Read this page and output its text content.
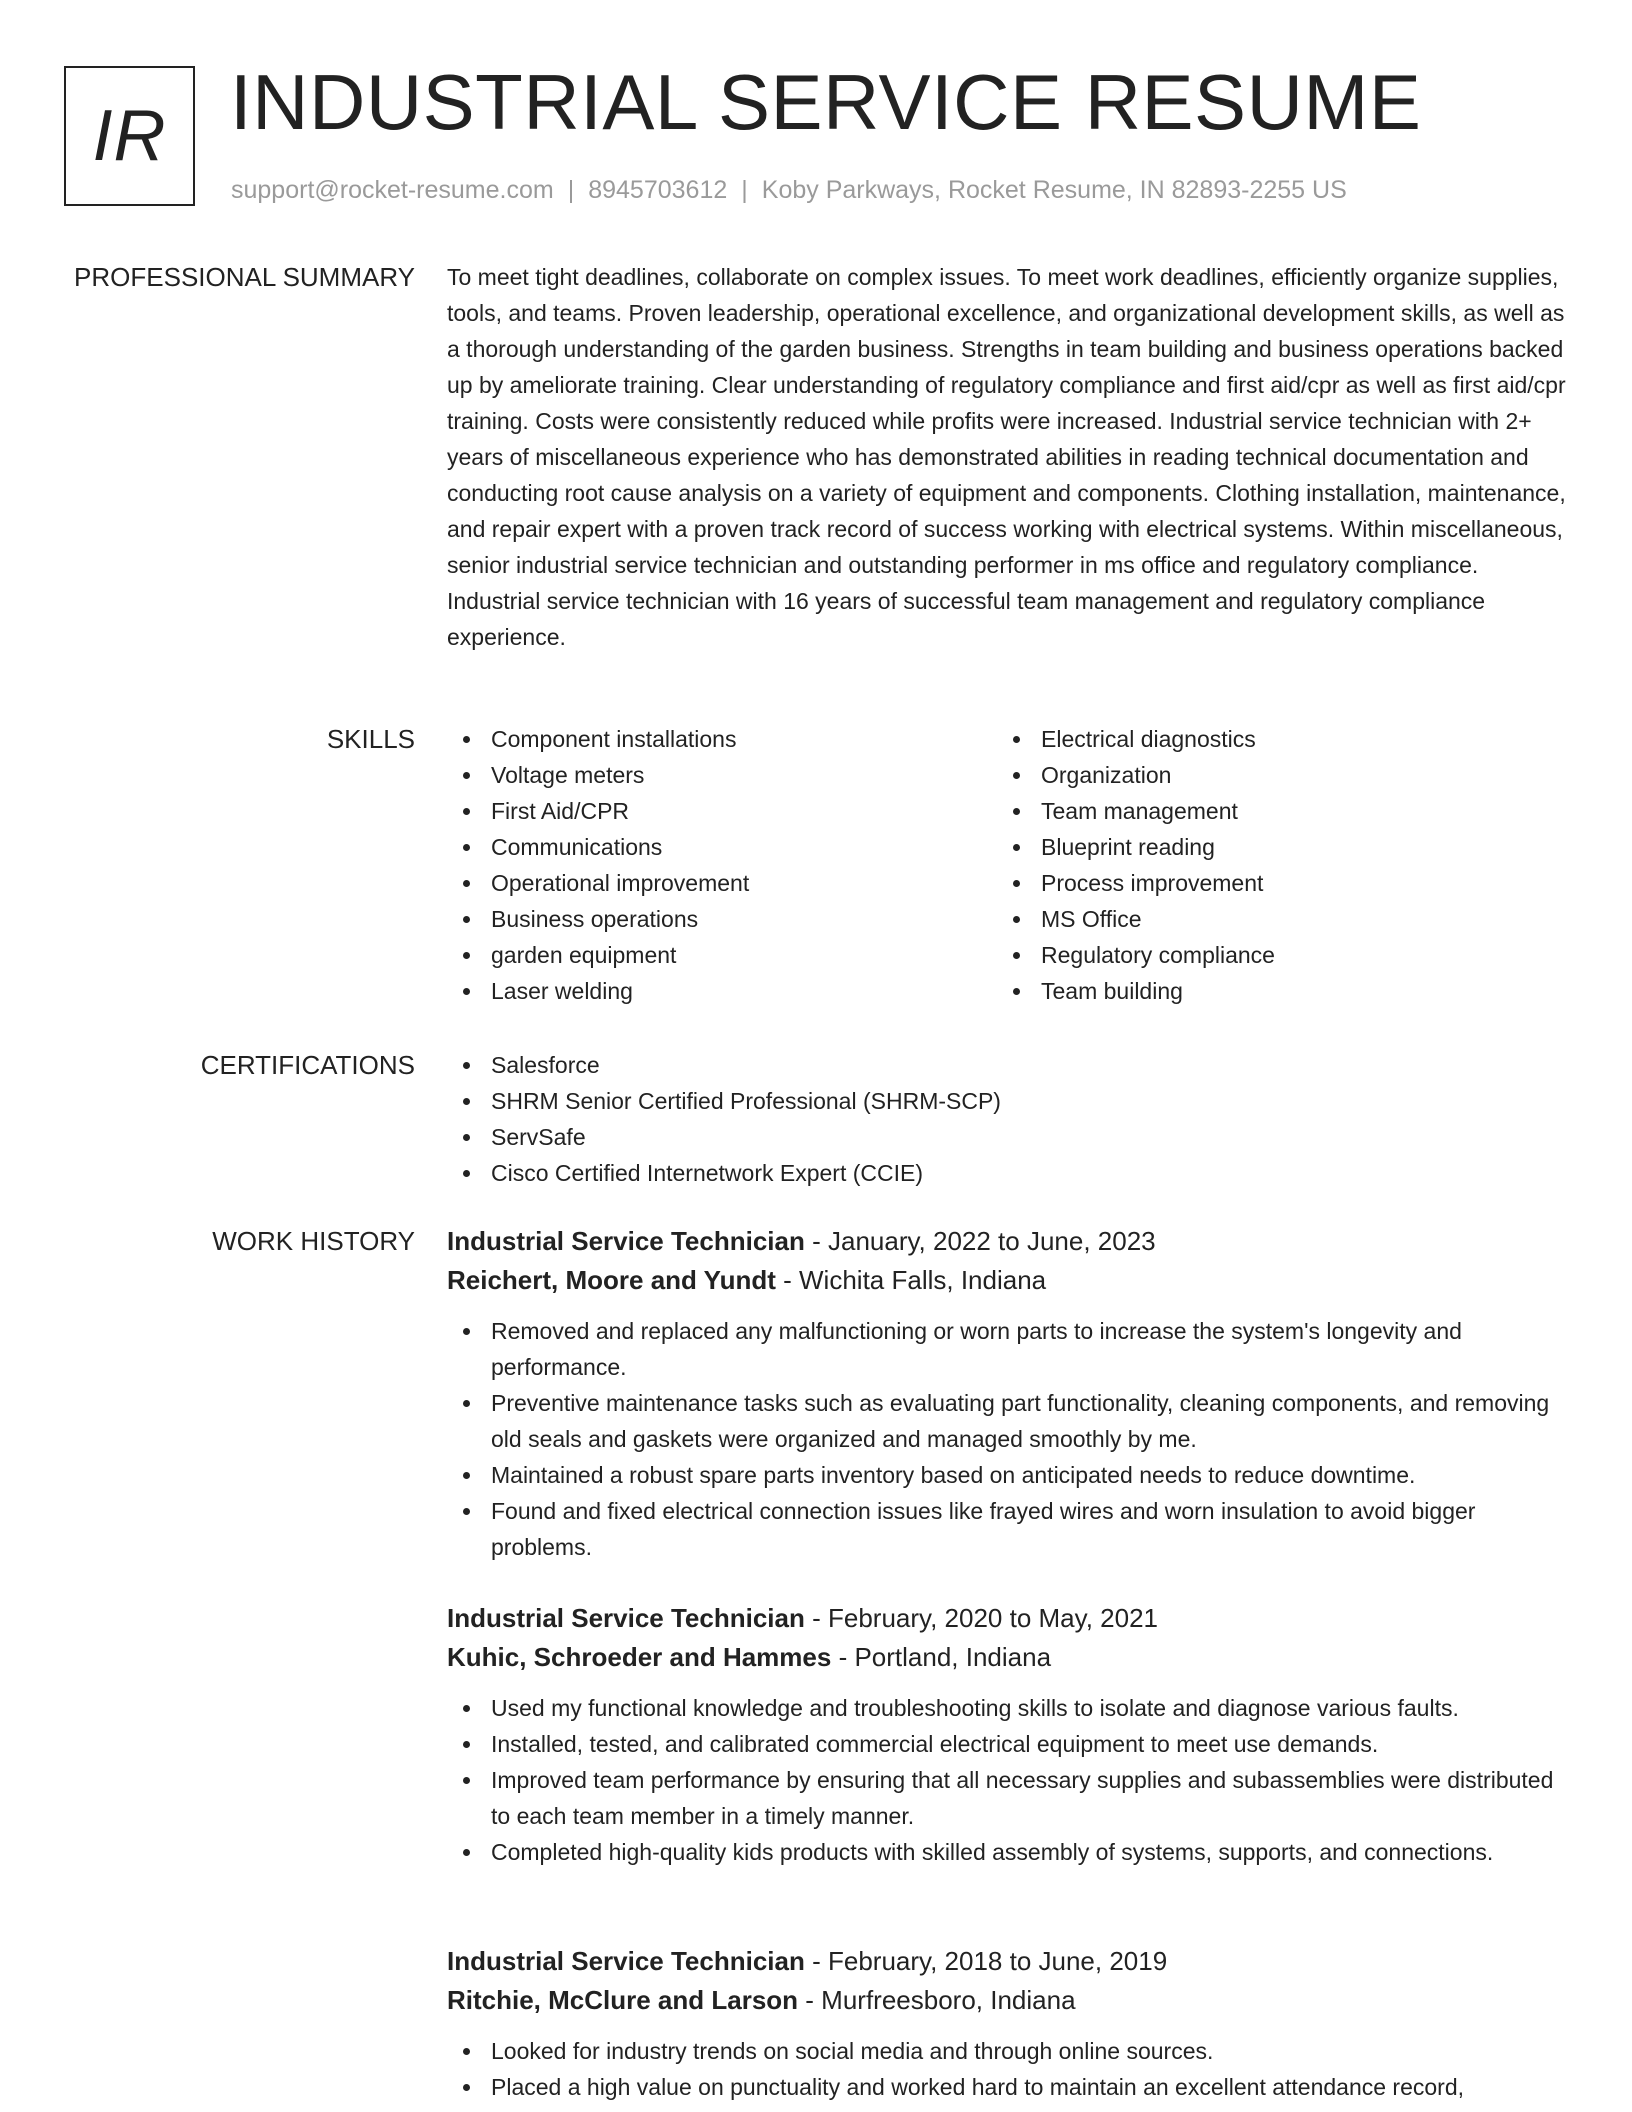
IR INDUSTRIAL SERVICE RESUME
support@rocket-resume.com | 8945703612 | Koby Parkways, Rocket Resume, IN 82893-2255 US
PROFESSIONAL SUMMARY To meet tight deadlines, collaborate on complex issues. To meet work deadlines, efficiently organize supplies, tools, and teams. Proven leadership, operational excellence, and organizational development skills, as well as a thorough understanding of the garden business. Strengths in team building and business operations backed up by ameliorate training. Clear understanding of regulatory compliance and first aid/cpr as well as first aid/cpr training. Costs were consistently reduced while profits were increased. Industrial service technician with 2+ years of miscellaneous experience who has demonstrated abilities in reading technical documentation and conducting root cause analysis on a variety of equipment and components. Clothing installation, maintenance, and repair expert with a proven track record of success working with electrical systems. Within miscellaneous, senior industrial service technician and outstanding performer in ms office and regulatory compliance. Industrial service technician with 16 years of successful team management and regulatory compliance experience.

SKILLS	Component installations
Voltage meters
First Aid/CPR
Communications
Operational improvement
Business operations
garden equipment
Laser welding
Electrical diagnostics
Organization
Team management
Blueprint reading
Process improvement
MS Office
Regulatory compliance
Team building
CERTIFICATIONS	Salesforce
SHRM Senior Certified Professional (SHRM-SCP)
ServSafe
Cisco Certified Internetwork Expert (CCIE)
WORK HISTORY Industrial Service Technician - January, 2022 to June, 2023
Reichert, Moore and Yundt - Wichita Falls, Indiana
Removed and replaced any malfunctioning or worn parts to increase the system's longevity and performance.
Preventive maintenance tasks such as evaluating part functionality, cleaning components, and removing old seals and gaskets were organized and managed smoothly by me.
Maintained a robust spare parts inventory based on anticipated needs to reduce downtime.
Found and fixed electrical connection issues like frayed wires and worn insulation to avoid bigger problems.
Industrial Service Technician - February, 2020 to May, 2021
Kuhic, Schroeder and Hammes - Portland, Indiana
Used my functional knowledge and troubleshooting skills to isolate and diagnose various faults.
Installed, tested, and calibrated commercial electrical equipment to meet use demands.
Improved team performance by ensuring that all necessary supplies and subassemblies were distributed to each team member in a timely manner.
Completed high-quality kids products with skilled assembly of systems, supports, and connections.
Industrial Service Technician - February, 2018 to June, 2019
Ritchie, McClure and Larson - Murfreesboro, Indiana
Looked for industry trends on social media and through online sources.
Placed a high value on punctuality and worked hard to maintain an excellent attendance record,
